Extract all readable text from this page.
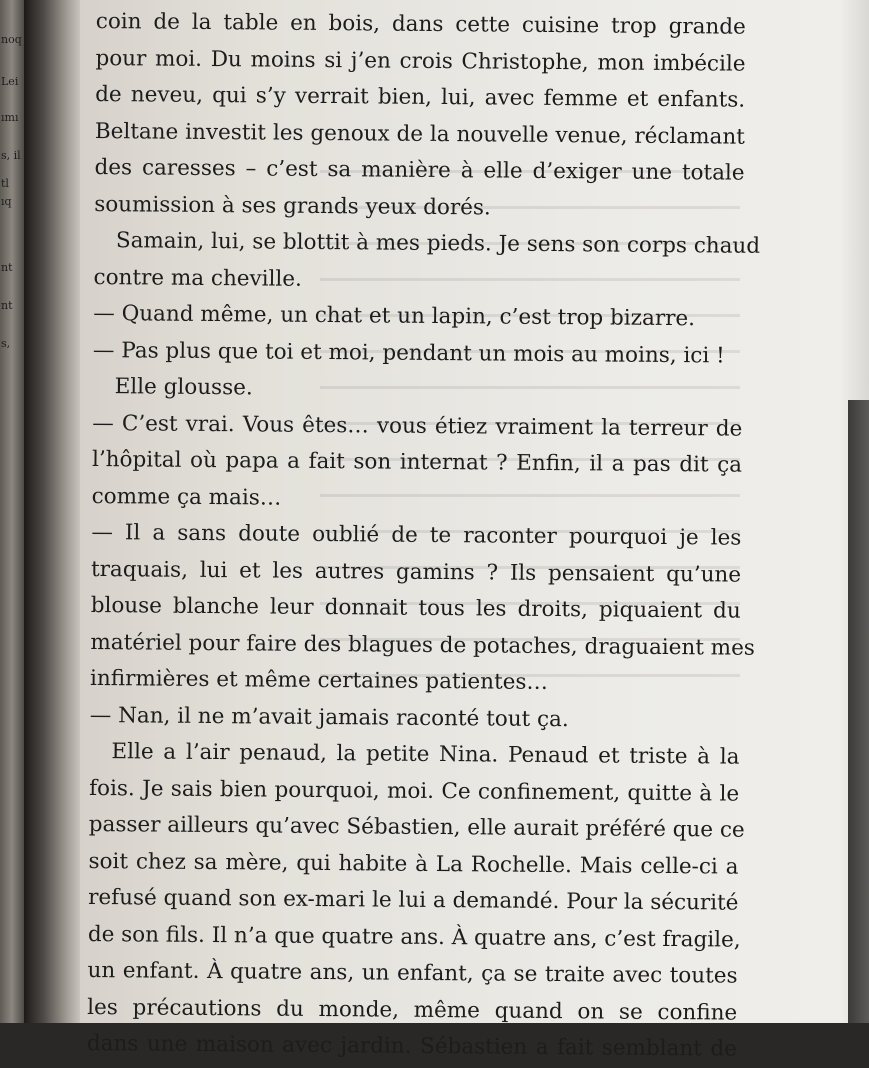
noq
Lei
ımı
s, il
tl
ıq
nt
nt
s,
coin de la table en bois, dans cette cuisine trop grande
pour moi. Du moins si j’en crois Christophe, mon imbécile
de neveu, qui s’y verrait bien, lui, avec femme et enfants.
Beltane investit les genoux de la nouvelle venue, réclamant
des caresses – c’est sa manière à elle d’exiger une totale
soumission à ses grands yeux dorés.
Samain, lui, se blottit à mes pieds. Je sens son corps chaud
contre ma cheville.
— Quand même, un chat et un lapin, c’est trop bizarre.
— Pas plus que toi et moi, pendant un mois au moins, ici !
Elle glousse.
— C’est vrai. Vous êtes… vous étiez vraiment la terreur de
l’hôpital où papa a fait son internat ? Enfin, il a pas dit ça
comme ça mais…
— Il a sans doute oublié de te raconter pourquoi je les
traquais, lui et les autres gamins ? Ils pensaient qu’une
blouse blanche leur donnait tous les droits, piquaient du
matériel pour faire des blagues de potaches, draguaient mes
infirmières et même certaines patientes…
— Nan, il ne m’avait jamais raconté tout ça.
Elle a l’air penaud, la petite Nina. Penaud et triste à la
fois. Je sais bien pourquoi, moi. Ce confinement, quitte à le
passer ailleurs qu’avec Sébastien, elle aurait préféré que ce
soit chez sa mère, qui habite à La Rochelle. Mais celle-ci a
refusé quand son ex-mari le lui a demandé. Pour la sécurité
de son fils. Il n’a que quatre ans. À quatre ans, c’est fragile,
un enfant. À quatre ans, un enfant, ça se traite avec toutes
les précautions du monde, même quand on se confine
dans une maison avec jardin. Sébastien a fait semblant de
